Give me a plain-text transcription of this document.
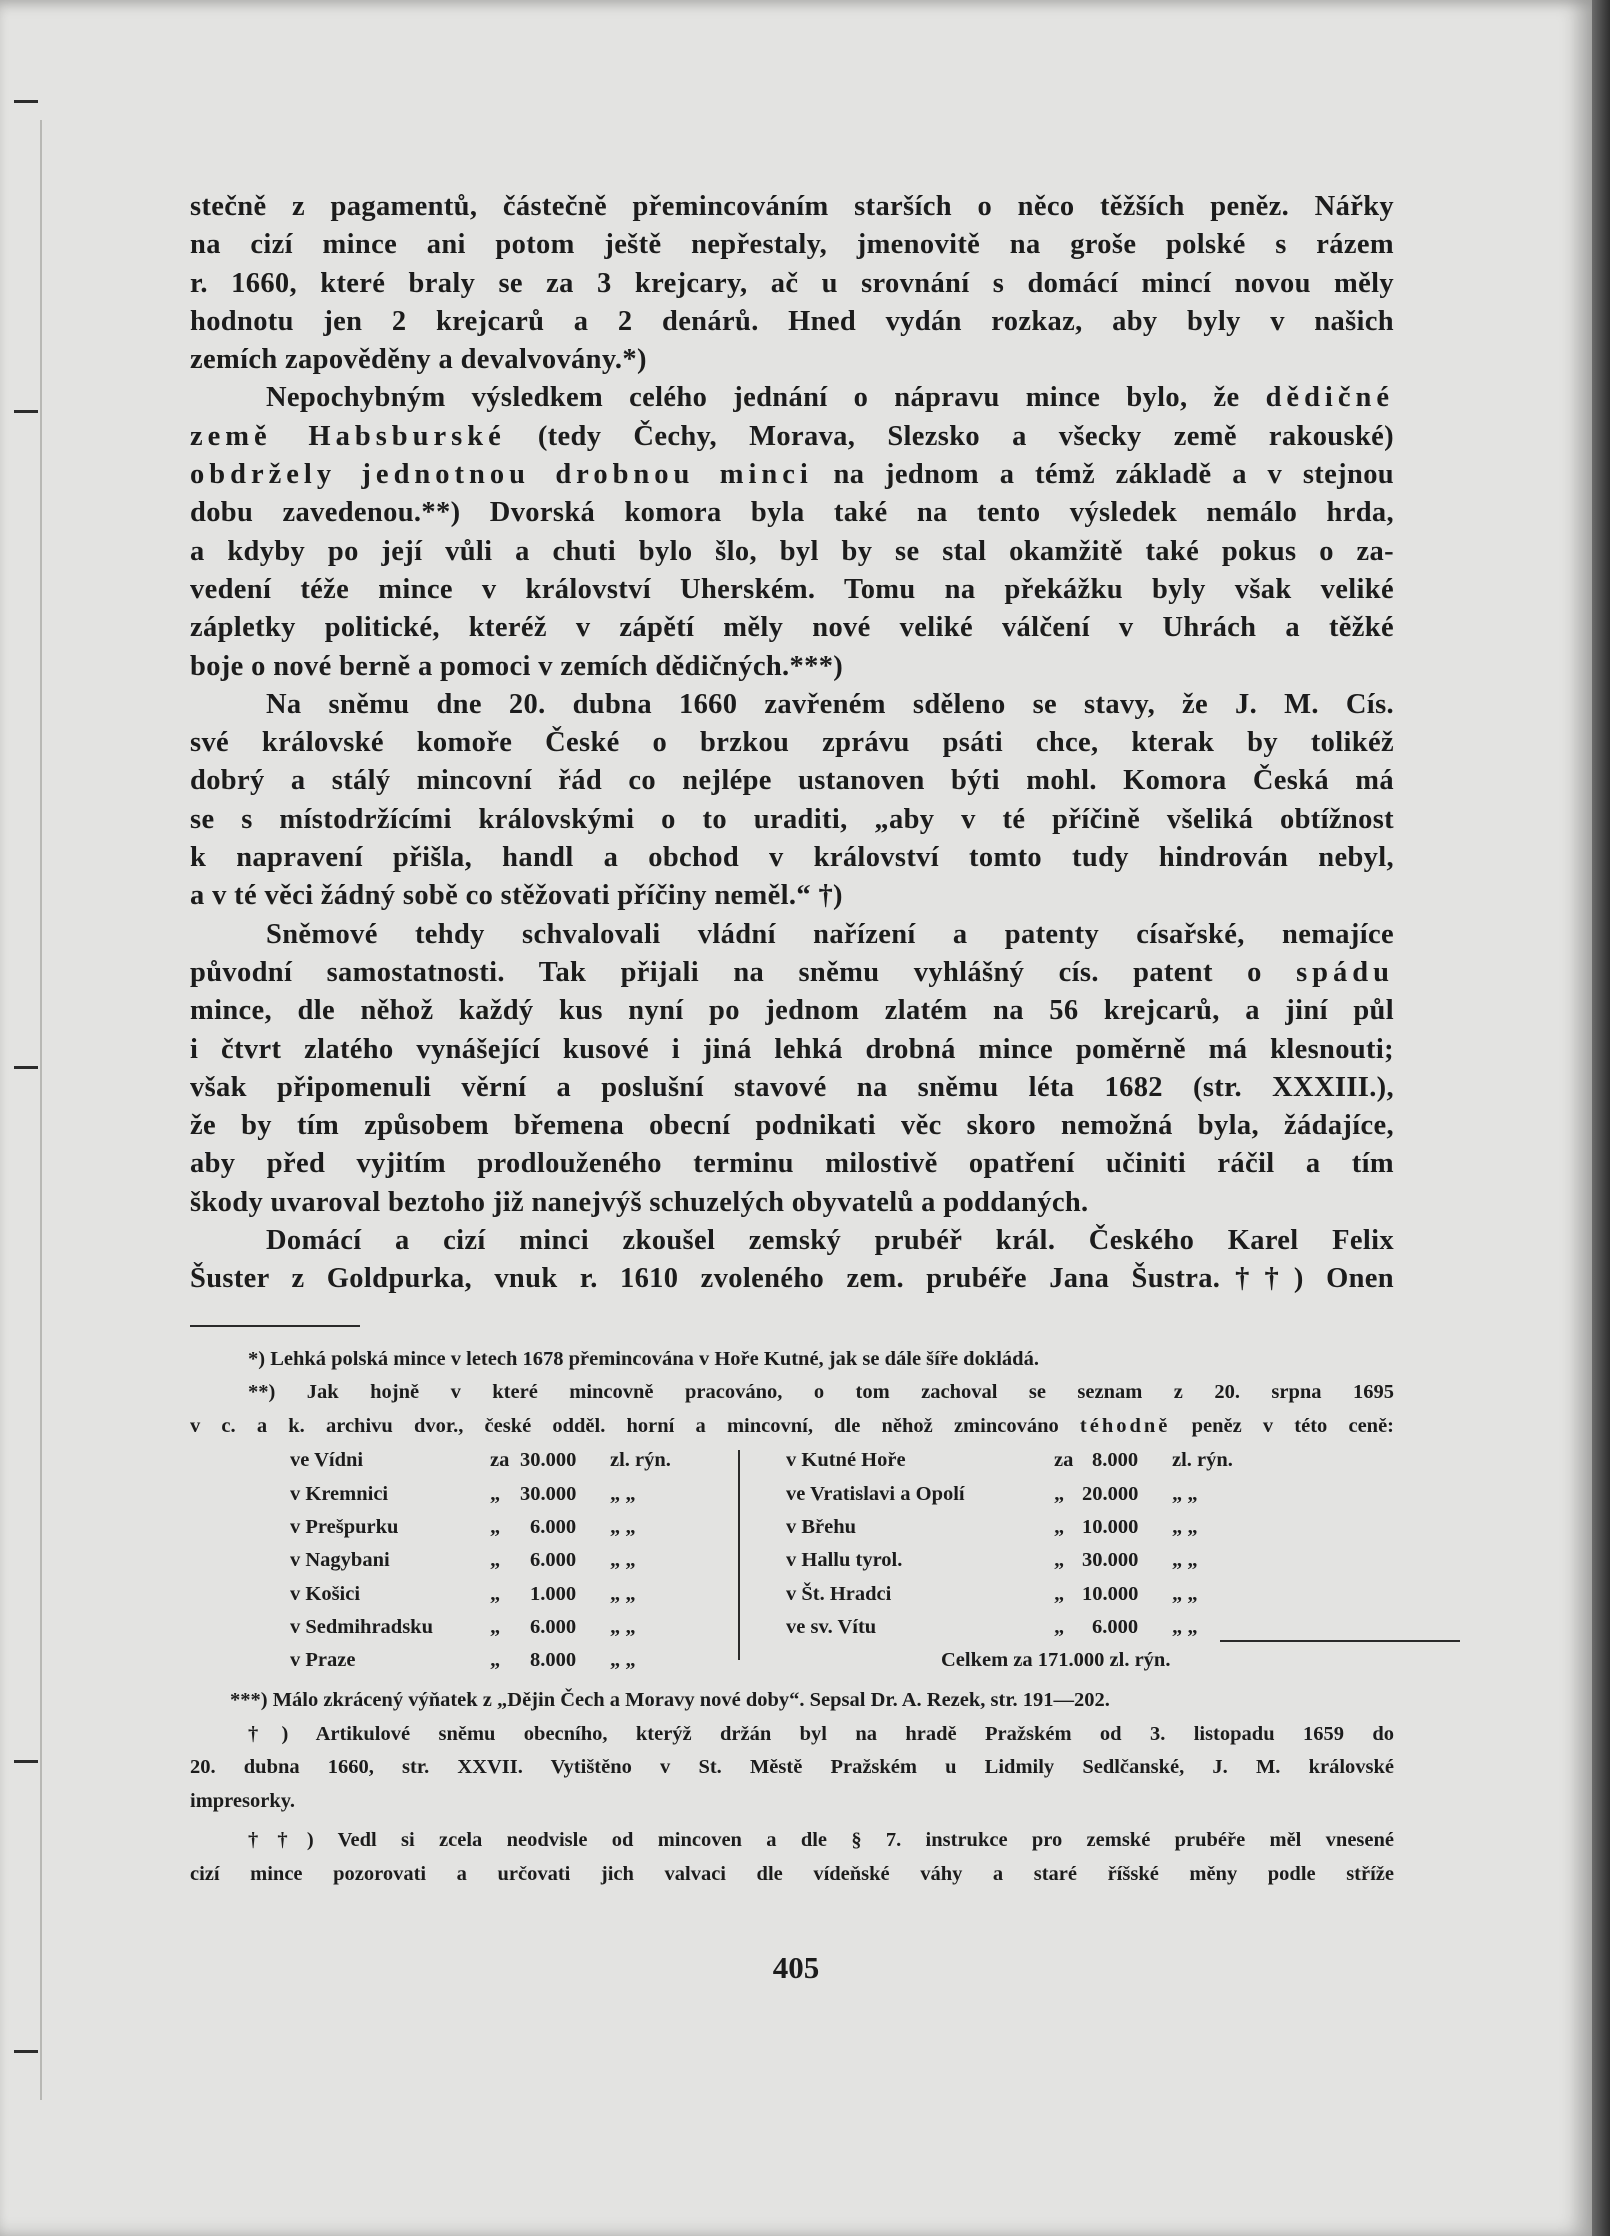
stečně z pagamentů, částečně přemincováním starších o něco těžších peněz. Nářky
na cizí mince ani potom ještě nepřestaly, jmenovitě na groše polské s rázem
r. 1660, které braly se za 3 krejcary, ač u srovnání s domácí mincí novou měly
hodnotu jen 2 krejcarů a 2 denárů. Hned vydán rozkaz, aby byly v našich
zemích zapověděny a devalvovány.*)
Nepochybným výsledkem celého jednání o nápravu mince bylo, že dědičné
země Habsburské (tedy Čechy, Morava, Slezsko a všecky země rakouské)
obdržely jednotnou drobnou minci na jednom a témž základě a v stejnou
dobu zavedenou.**) Dvorská komora byla také na tento výsledek nemálo hrda,
a kdyby po její vůli a chuti bylo šlo, byl by se stal okamžitě také pokus o za-
vedení téže mince v království Uherském. Tomu na překážku byly však veliké
zápletky politické, kteréž v zápětí měly nové veliké válčení v Uhrách a těžké
boje o nové berně a pomoci v zemích dědičných.***)
Na sněmu dne 20. dubna 1660 zavřeném sděleno se stavy, že J. M. Cís.
své královské komoře České o brzkou zprávu psáti chce, kterak by tolikéž
dobrý a stálý mincovní řád co nejlépe ustanoven býti mohl. Komora Česká má
se s místodržícími královskými o to uraditi, „aby v té příčině všeliká obtížnost
k napravení přišla, handl a obchod v království tomto tudy hindrován nebyl,
a v té věci žádný sobě co stěžovati příčiny neměl.“ †)
Sněmové tehdy schvalovali vládní nařízení a patenty císařské, nemajíce
původní samostatnosti. Tak přijali na sněmu vyhlášný cís. patent o spádu
mince, dle něhož každý kus nyní po jednom zlatém na 56 krejcarů, a jiní půl
i čtvrt zlatého vynášející kusové i jiná lehká drobná mince poměrně má klesnouti;
však připomenuli věrní a poslušní stavové na sněmu léta 1682 (str. XXXIII.),
že by tím způsobem břemena obecní podnikati věc skoro nemožná byla, žádajíce,
aby před vyjitím prodlouženého terminu milostivě opatření učiniti ráčil a tím
škody uvaroval beztoho již nanejvýš schuzelých obyvatelů a poddaných.
Domácí a cizí minci zkoušel zemský prubéř král. Českého Karel Felix
Šuster z Goldpurka, vnuk r. 1610 zvoleného zem. prubéře Jana Šustra.††) Onen
*) Lehká polská mince v letech 1678 přemincována v Hoře Kutné, jak se dále šíře dokládá.
**) Jak hojně v které mincovně pracováno, o tom zachoval se seznam z 20. srpna 1695
v c. a k. archivu dvor., české odděl. horní a mincovní, dle něhož zmincováno téhodně peněz v této ceně:
ve Vídni	za 30.000 zl. rýn.
v Kremnici	„ 30.000 „ „
v Prešpurku	„ 6.000 „ „
v Nagybani	„ 6.000 „ „
v Košici	„ 1.000 „ „
v Sedmihradsku	„ 6.000 „ „
v Praze	„ 8.000 „ „
v Kutné Hoře	za 8.000 zl. rýn.
ve Vratislavi a Opolí	„ 20.000 „ „
v Břehu	„ 10.000 „ „
v Hallu tyrol.	„ 30.000 „ „
v Št. Hradci	„ 10.000 „ „
ve sv. Vítu	„ 6.000 „ „
Celkem za 171.000 zl. rýn.
***) Málo zkrácený výňatek z „Dějin Čech a Moravy nové doby“. Sepsal Dr. A. Rezek, str. 191—202.
†) Artikulové sněmu obecního, kterýž držán byl na hradě Pražském od 3. listopadu 1659 do
20. dubna 1660, str. XXVII. Vytištěno v St. Městě Pražském u Lidmily Sedlčanské, J. M. královské
impresorky.
††) Vedl si zcela neodvisle od mincoven a dle § 7. instrukce pro zemské prubéře měl vnesené
cizí mince pozorovati a určovati jich valvaci dle vídeňské váhy a staré říšské měny podle stříže
405
